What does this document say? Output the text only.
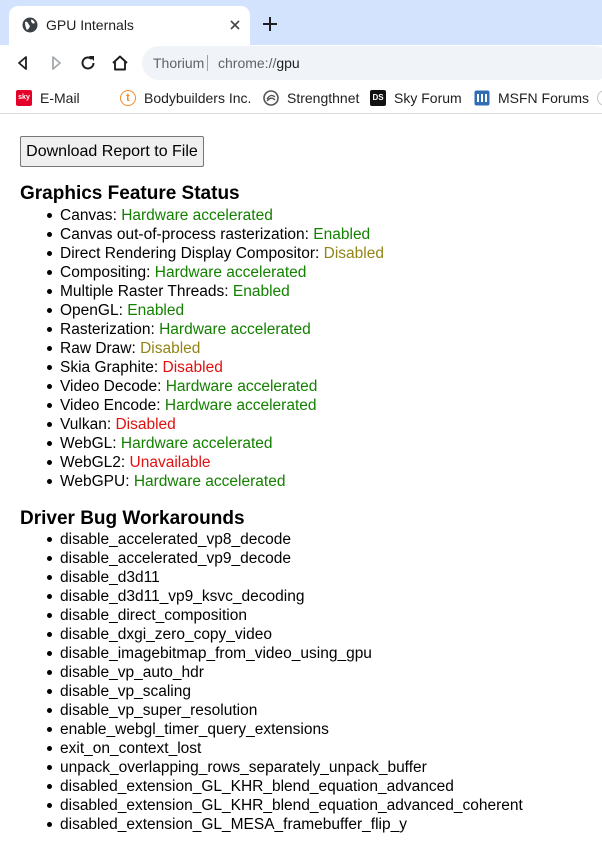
GPU Internals
Thorium chrome://gpu
sky E-Mail	t	Bodybuilders Inc.	Strengthnet	DS Sky Forum	MSFN Forums
Download Report to File
Graphics Feature Status
Canvas: Hardware accelerated
Canvas out-of-process rasterization: Enabled
Direct Rendering Display Compositor: Disabled
Compositing: Hardware accelerated
Multiple Raster Threads: Enabled
OpenGL: Enabled
Rasterization: Hardware accelerated
Raw Draw: Disabled
Skia Graphite: Disabled
Video Decode: Hardware accelerated
Video Encode: Hardware accelerated
Vulkan: Disabled
WebGL: Hardware accelerated
WebGL2: Unavailable
WebGPU: Hardware accelerated
Driver Bug Workarounds
disable_accelerated_vp8_decode
disable_accelerated_vp9_decode
disable_d3d11
disable_d3d11_vp9_ksvc_decoding
disable_direct_composition
disable_dxgi_zero_copy_video
disable_imagebitmap_from_video_using_gpu
disable_vp_auto_hdr
disable_vp_scaling
disable_vp_super_resolution
enable_webgl_timer_query_extensions
exit_on_context_lost
unpack_overlapping_rows_separately_unpack_buffer
disabled_extension_GL_KHR_blend_equation_advanced
disabled_extension_GL_KHR_blend_equation_advanced_coherent
disabled_extension_GL_MESA_framebuffer_flip_y
